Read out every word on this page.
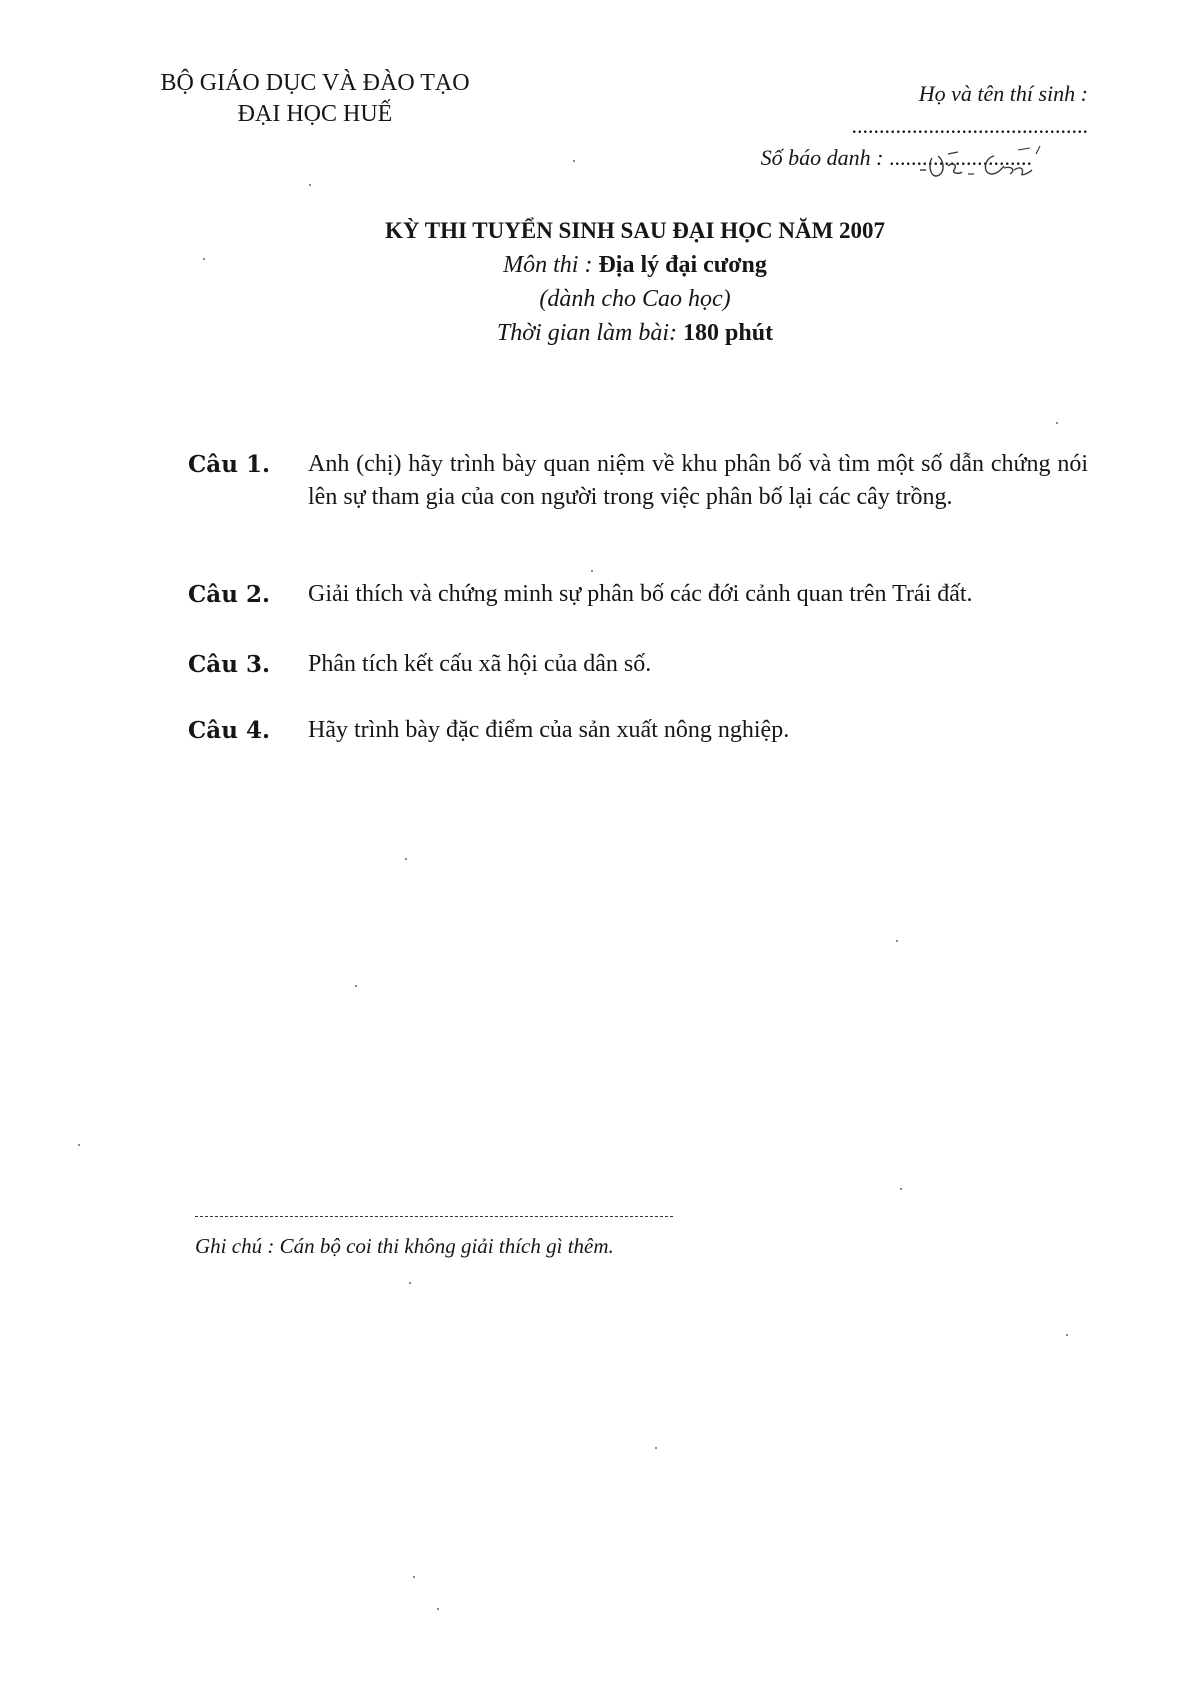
BỘ GIÁO DỤC VÀ ĐÀO TẠO
ĐẠI HỌC HUẾ
Họ và tên thí sinh : ...........................................
Số báo danh : ..........................
KỲ THI TUYỂN SINH SAU ĐẠI HỌC NĂM 2007
Môn thi : Địa lý đại cương
(dành cho Cao học)
Thời gian làm bài: 180 phút
Câu 1. Anh (chị) hãy trình bày quan niệm về khu phân bố và tìm một số dẫn chứng nói lên sự tham gia của con người trong việc phân bố lại các cây trồng.
Câu 2. Giải thích và chứng minh sự phân bố các đới cảnh quan trên Trái đất.
Câu 3. Phân tích kết cấu xã hội của dân số.
Câu 4. Hãy trình bày đặc điểm của sản xuất nông nghiệp.
Ghi chú : Cán bộ coi thi không giải thích gì thêm.
